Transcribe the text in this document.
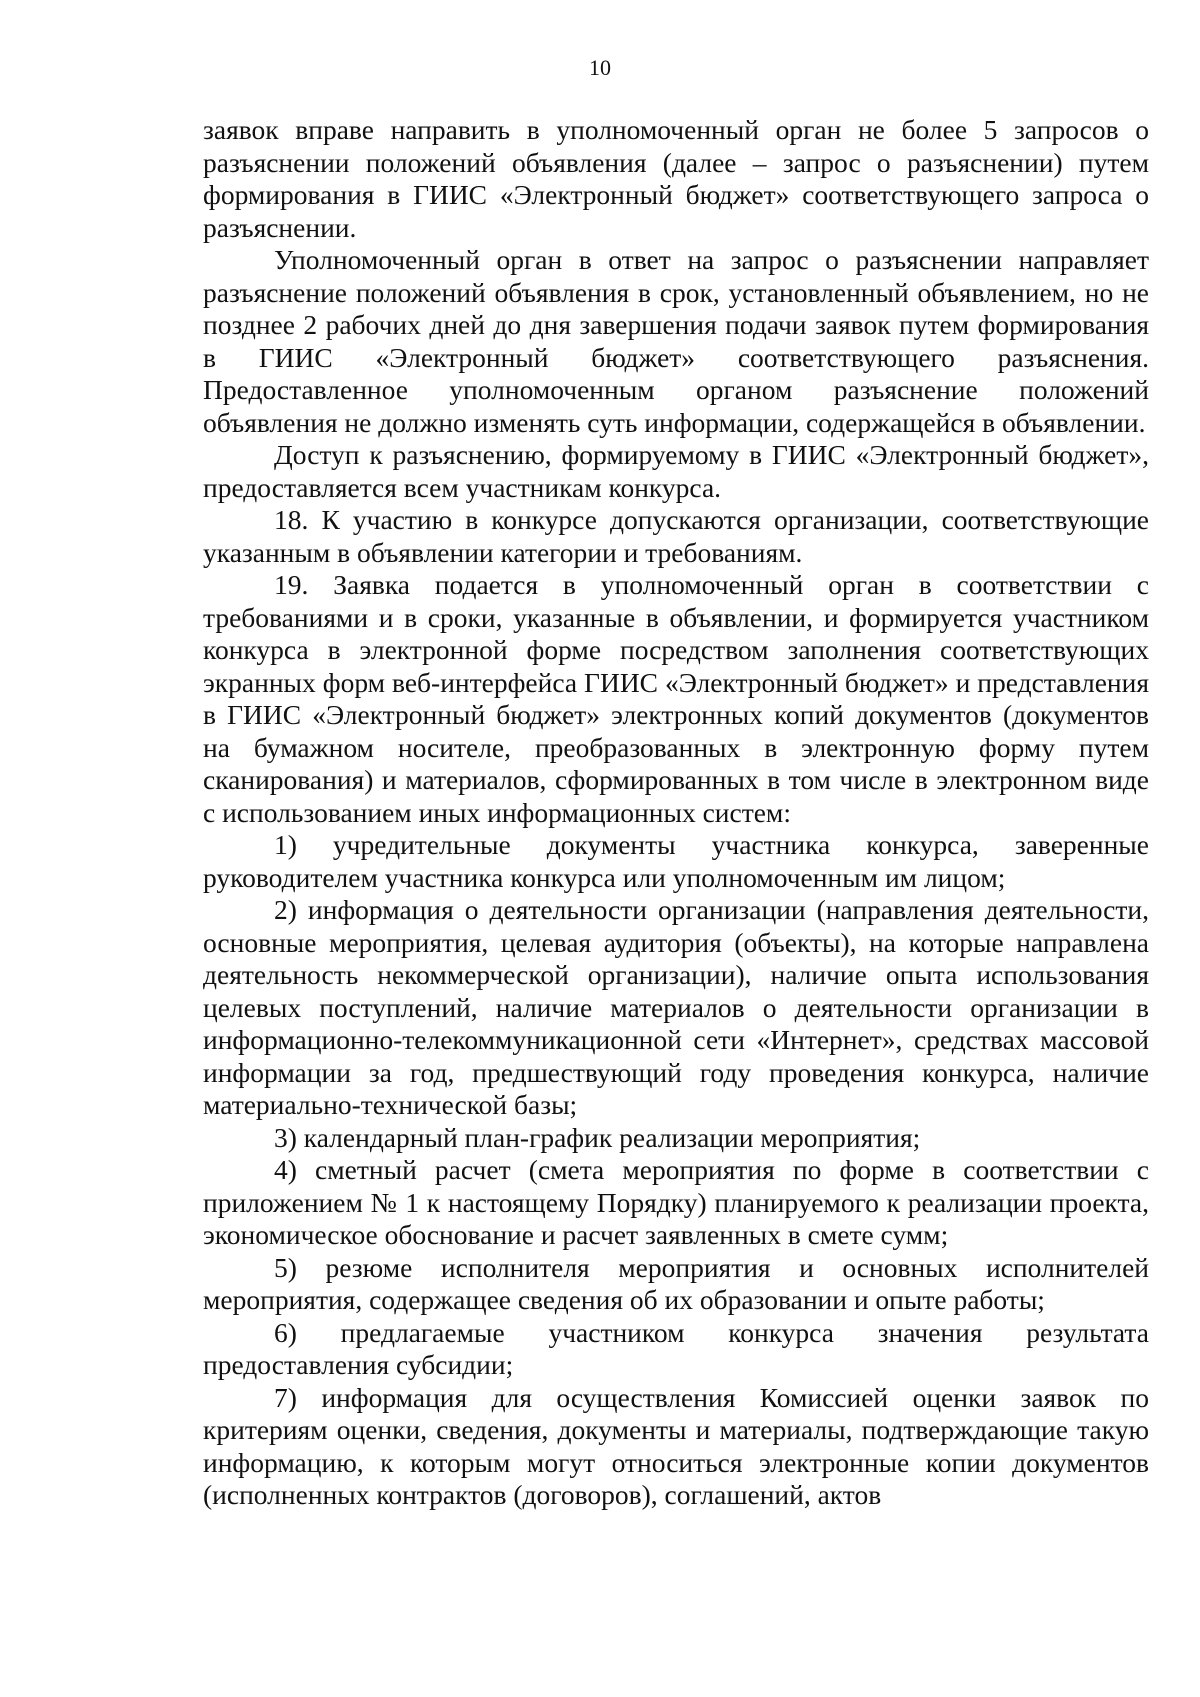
10

заявок вправе направить в уполномоченный орган не более 5 запросов о разъяснении положений объявления (далее – запрос о разъяснении) путем формирования в ГИИС «Электронный бюджет» соответствующего запроса о разъяснении.

Уполномоченный орган в ответ на запрос о разъяснении направляет разъяснение положений объявления в срок, установленный объявлением, но не позднее 2 рабочих дней до дня завершения подачи заявок путем формирования в ГИИС «Электронный бюджет» соответствующего разъяснения. Предоставленное уполномоченным органом разъяснение положений объявления не должно изменять суть информации, содержащейся в объявлении.

Доступ к разъяснению, формируемому в ГИИС «Электронный бюджет», предоставляется всем участникам конкурса.

18. К участию в конкурсе допускаются организации, соответствующие указанным в объявлении категории и требованиям.

19. Заявка подается в уполномоченный орган в соответствии с требованиями и в сроки, указанные в объявлении, и формируется участником конкурса в электронной форме посредством заполнения соответствующих экранных форм веб-интерфейса ГИИС «Электронный бюджет» и представления в ГИИС «Электронный бюджет» электронных копий документов (документов на бумажном носителе, преобразованных в электронную форму путем сканирования) и материалов, сформированных в том числе в электронном виде с использованием иных информационных систем:

1) учредительные документы участника конкурса, заверенные руководителем участника конкурса или уполномоченным им лицом;

2) информация о деятельности организации (направления деятельности, основные мероприятия, целевая аудитория (объекты), на которые направлена деятельность некоммерческой организации), наличие опыта использования целевых поступлений, наличие материалов о деятельности организации в информационно-телекоммуникационной сети «Интернет», средствах массовой информации за год, предшествующий году проведения конкурса, наличие материально-технической базы;

3) календарный план-график реализации мероприятия;

4) сметный расчет (смета мероприятия по форме в соответствии с приложением № 1 к настоящему Порядку) планируемого к реализации проекта, экономическое обоснование и расчет заявленных в смете сумм;

5) резюме исполнителя мероприятия и основных исполнителей мероприятия, содержащее сведения об их образовании и опыте работы;

6) предлагаемые участником конкурса значения результата предоставления субсидии;

7) информация для осуществления Комиссией оценки заявок по критериям оценки, сведения, документы и материалы, подтверждающие такую информацию, к которым могут относиться электронные копии документов (исполненных контрактов (договоров), соглашений, актов
